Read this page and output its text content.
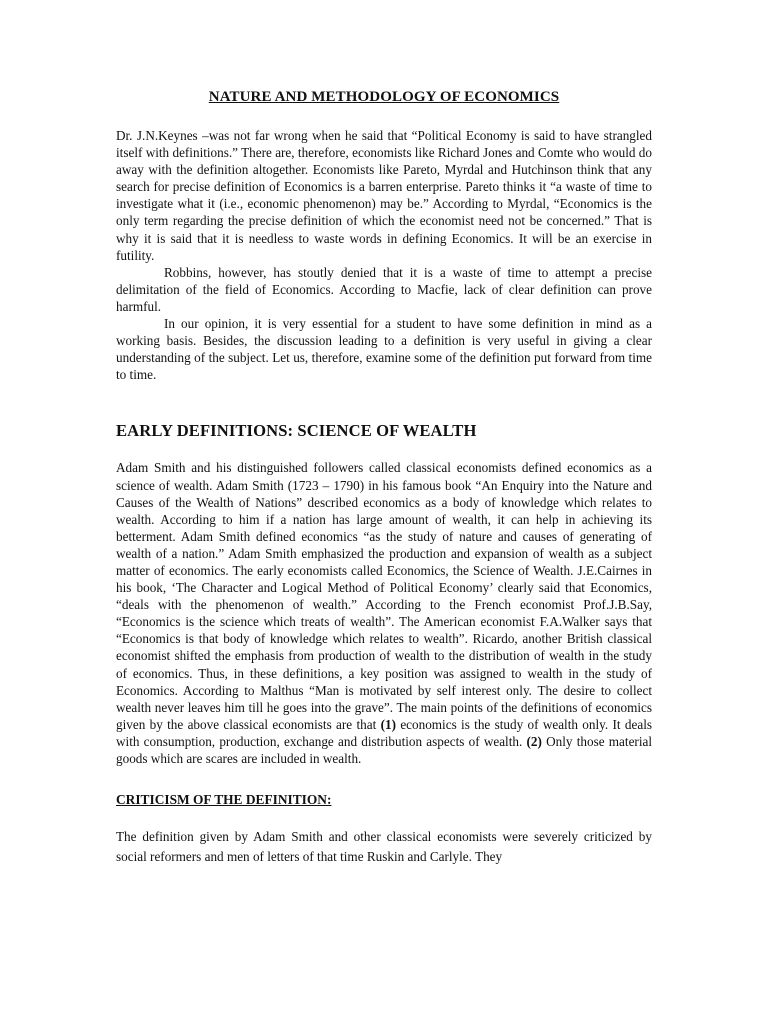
NATURE AND METHODOLOGY OF ECONOMICS

Dr. J.N.Keynes –was not far wrong when he said that “Political Economy is said to have strangled itself with definitions.” There are, therefore, economists like Richard Jones and Comte who would do away with the definition altogether. Economists like Pareto, Myrdal and Hutchinson think that any search for precise definition of Economics is a barren enterprise. Pareto thinks it “a waste of time to investigate what it (i.e., economic phenomenon) may be.” According to Myrdal, “Economics is the only term regarding the precise definition of which the economist need not be concerned.” That is why it is said that it is needless to waste words in defining Economics. It will be an exercise in futility.

Robbins, however, has stoutly denied that it is a waste of time to attempt a precise delimitation of the field of Economics. According to Macfie, lack of clear definition can prove harmful.

In our opinion, it is very essential for a student to have some definition in mind as a working basis. Besides, the discussion leading to a definition is very useful in giving a clear understanding of the subject. Let us, therefore, examine some of the definition put forward from time to time.

EARLY DEFINITIONS: SCIENCE OF WEALTH

Adam Smith and his distinguished followers called classical economists defined economics as a science of wealth. Adam Smith (1723 – 1790) in his famous book “An Enquiry into the Nature and Causes of the Wealth of Nations” described economics as a body of knowledge which relates to wealth. According to him if a nation has large amount of wealth, it can help in achieving its betterment. Adam Smith defined economics “as the study of nature and causes of generating of wealth of a nation.” Adam Smith emphasized the production and expansion of wealth as a subject matter of economics. The early economists called Economics, the Science of Wealth. J.E.Cairnes in his book, ‘The Character and Logical Method of Political Economy’ clearly said that Economics, “deals with the phenomenon of wealth.” According to the French economist Prof.J.B.Say, “Economics is the science which treats of wealth”. The American economist F.A.Walker says that “Economics is that body of knowledge which relates to wealth”. Ricardo, another British classical economist shifted the emphasis from production of wealth to the distribution of wealth in the study of economics. Thus, in these definitions, a key position was assigned to wealth in the study of Economics. According to Malthus “Man is motivated by self interest only. The desire to collect wealth never leaves him till he goes into the grave”. The main points of the definitions of economics given by the above classical economists are that (1) economics is the study of wealth only. It deals with consumption, production, exchange and distribution aspects of wealth. (2) Only those material goods which are scares are included in wealth.

CRITICISM OF THE DEFINITION:

The definition given by Adam Smith and other classical economists were severely criticized by social reformers and men of letters of that time Ruskin and Carlyle. They
